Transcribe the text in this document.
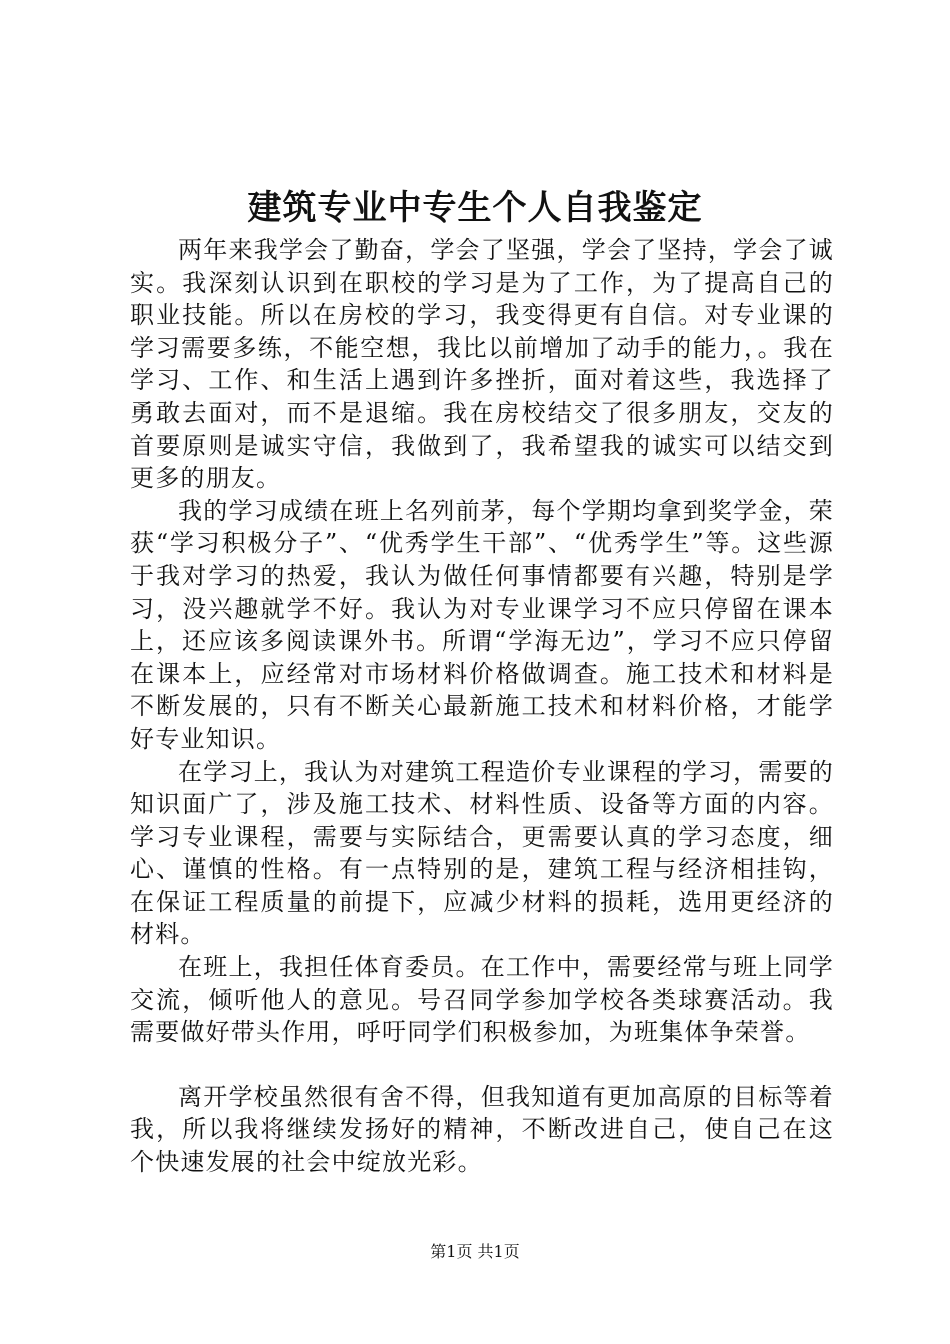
建筑专业中专生个人自我鉴定

两年来我学会了勤奋，学会了坚强，学会了坚持，学会了诚实。我深刻认识到在职校的学习是为了工作，为了提高自己的职业技能。所以在房校的学习，我变得更有自信。对专业课的学习需要多练，不能空想，我比以前增加了动手的能力，。我在学习、工作、和生活上遇到许多挫折，面对着这些，我选择了勇敢去面对，而不是退缩。我在房校结交了很多朋友，交友的首要原则是诚实守信，我做到了，我希望我的诚实可以结交到更多的朋友。

我的学习成绩在班上名列前茅，每个学期均拿到奖学金，荣获“学习积极分子”、“优秀学生干部”、“优秀学生”等。这些源于我对学习的热爱，我认为做任何事情都要有兴趣，特别是学习，没兴趣就学不好。我认为对专业课学习不应只停留在课本上，还应该多阅读课外书。所谓“学海无边”，学习不应只停留在课本上，应经常对市场材料价格做调查。施工技术和材料是不断发展的，只有不断关心最新施工技术和材料价格，才能学好专业知识。

在学习上，我认为对建筑工程造价专业课程的学习，需要的知识面广了，涉及施工技术、材料性质、设备等方面的内容。学习专业课程，需要与实际结合，更需要认真的学习态度，细心、谨慎的性格。有一点特别的是，建筑工程与经济相挂钩，在保证工程质量的前提下，应减少材料的损耗，选用更经济的材料。

在班上，我担任体育委员。在工作中，需要经常与班上同学交流，倾听他人的意见。号召同学参加学校各类球赛活动。我需要做好带头作用，呼吁同学们积极参加，为班集体争荣誉。

离开学校虽然很有舍不得，但我知道有更加高原的目标等着我，所以我将继续发扬好的精神，不断改进自己，使自己在这个快速发展的社会中绽放光彩。

第1页 共1页
